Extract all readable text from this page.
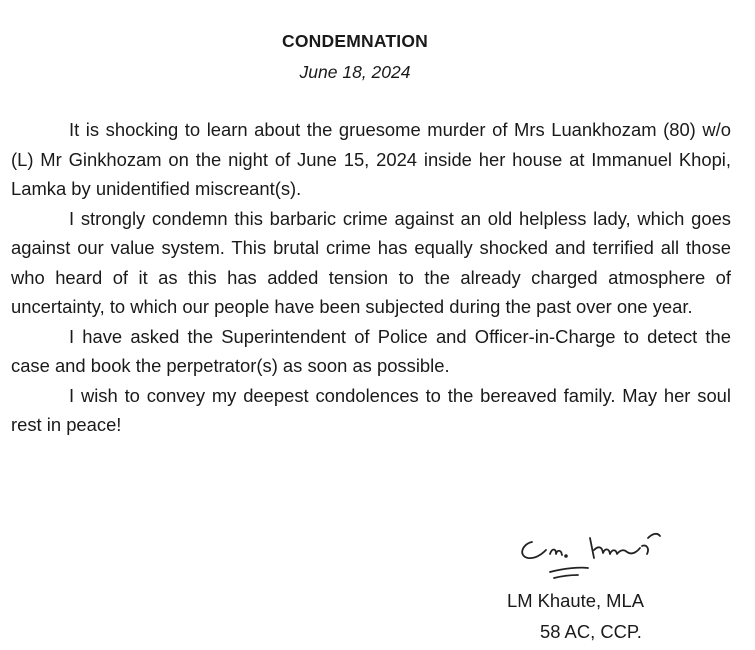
CONDEMNATION
June 18, 2024

It is shocking to learn about the gruesome murder of Mrs Luankhozam (80) w/o (L) Mr Ginkhozam on the night of June 15, 2024 inside her house at Immanuel Khopi, Lamka by unidentified miscreant(s).

I strongly condemn this barbaric crime against an old helpless lady, which goes against our value system. This brutal crime has equally shocked and terrified all those who heard of it as this has added tension to the already charged atmosphere of uncertainty, to which our people have been subjected during the past over one year.

I have asked the Superintendent of Police and Officer-in-Charge to detect the case and book the perpetrator(s) as soon as possible.

I wish to convey my deepest condolences to the bereaved family. May her soul rest in peace!

LM Khaute, MLA
58 AC, CCP.
